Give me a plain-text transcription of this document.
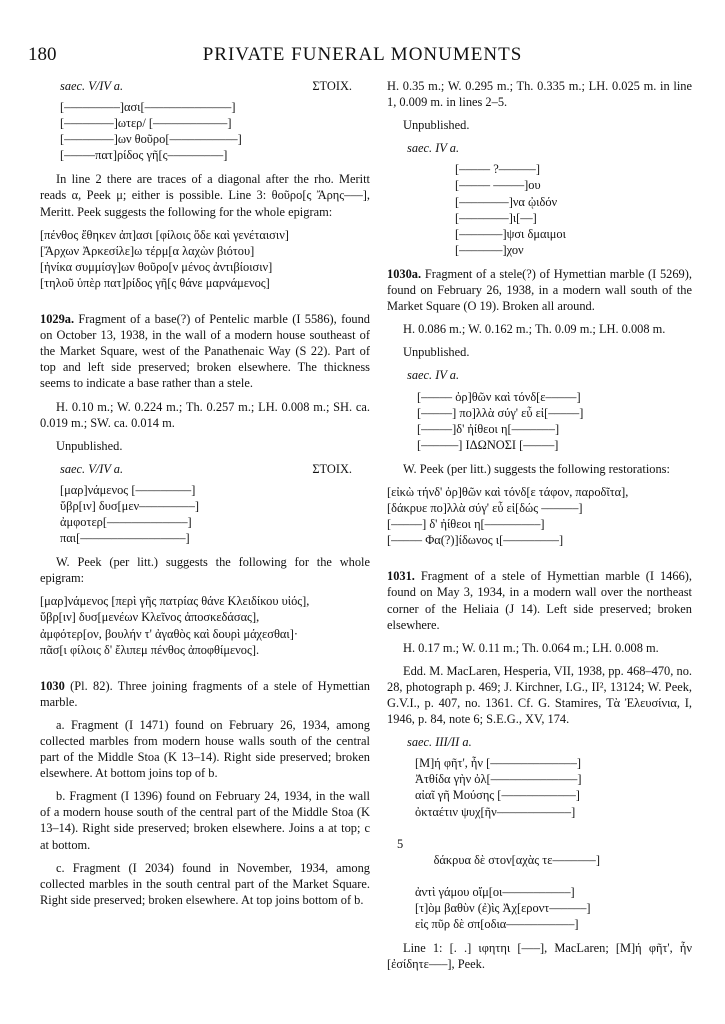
180	PRIVATE FUNERAL MONUMENTS
saec. V/IV a.	ΣΤΟΙΧ.
[–––––––––]ασι[––––––––––––––]
[––––––––]ωτερ/ [––––––––––––]
[––––––––]ων θοῦρο[–––––––––––]
[–––––πατ]ρίδος γῆ[ς–––––––––]

In line 2 there are traces of a diagonal after the rho. Meritt reads α, Peek μ; either is possible. Line 3: θοῦρο[ς Ἄρης–––], Meritt. Peek suggests the following for the whole epigram:

[πένθος ἔθηκεν ἀπ]ασι [φίλοις ὅδε καὶ γενέταισιν]
[Ἄρχων Ἀρκεσίλε]ω τέρμ[α λαχὼν βιότου]
[ἡνίκα συμμίσγ]ων θοῦρο[ν μένος ἀντιβίοισιν]
[τηλοῦ ὑπὲρ πατ]ρίδος γῆ[ς θάνε μαρνάμενος]

1029a. Fragment of a base(?) of Pentelic marble (I 5586), found on October 13, 1938, in the wall of a modern house southeast of the Market Square, west of the Panathenaic Way (S 22). Part of top and left side preserved; broken elsewhere. The thickness seems to indicate a base rather than a stele.

H. 0.10 m.; W. 0.224 m.; Th. 0.257 m.; LH. 0.008 m.; SH. ca. 0.019 m.; SW. ca. 0.014 m.

Unpublished.

saec. V/IV a.	ΣΤΟΙΧ.
[μαρ]νάμενος [–––––––––]
ὕβρ[ιν] δυσ[μεν–––––––––]
ἀμφοτερ[–––––––––––––]
παι[–––––––––––––––––]

W. Peek (per litt.) suggests the following for the whole epigram:

[μαρ]νάμενος [περὶ γῆς πατρίας θάνε Κλειδίκου υἱός],
ὕβρ[ιν] δυσ[μενέων Κλεῖνος ἀποσκεδάσας],
ἀμφότερ[ον, βουλήν τ' ἀγαθὸς καὶ δουρὶ μάχεσθαι]·
πᾶσ[ι φίλοις δ' ἔλιπεμ πένθος ἀποφθίμενος].

1030 (Pl. 82). Three joining fragments of a stele of Hymettian marble.

a. Fragment (I 1471) found on February 26, 1934, among collected marbles from modern house walls south of the central part of the Middle Stoa (K 13–14). Right side preserved; broken elsewhere. At bottom joins top of b.

b. Fragment (I 1396) found on February 24, 1934, in the wall of a modern house south of the central part of the Middle Stoa (K 13–14). Right side preserved; broken elsewhere. Joins a at top; c at bottom.

c. Fragment (I 2034) found in November, 1934, among collected marbles in the south central part of the Market Square. Right side preserved; broken elsewhere. At top joins bottom of b.

H. 0.35 m.; W. 0.295 m.; Th. 0.335 m.; LH. 0.025 m. in line 1, 0.009 m. in lines 2–5.

Unpublished.

saec. IV a.
[––––– ?––––––]
[––––– –––––]ου
[––––––––]να ᾠιδόν
[––––––––]ι[––]
[–––––––]ψσι δμαιμοι
[–––––––]χον

1030a. Fragment of a stele(?) of Hymettian marble (I 5269), found on February 26, 1938, in a modern wall south of the Market Square (O 19). Broken all around.

H. 0.086 m.; W. 0.162 m.; Th. 0.09 m.; LH. 0.008 m.

Unpublished.

saec. IV a.
[––––– ὀρ]θῶν καὶ τόνδ[ε–––––]
[–––––] πο]λλὰ σύγ' εὖ εἰ[–––––]
[–––––]δ' ἠίθεοι η[–––––––]
[––––––] ΙΔΩΝΟΣΙ [–––––]

W. Peek (per litt.) suggests the following restorations:

[εἰκὼ τήνδ' ὀρ]θῶν καὶ τόνδ[ε τάφον, παροδῖτα],
[δάκρυε πο]λλὰ σύγ' εὖ εἰ[δώς ––––––]
[–––––] δ' ἠίθεοι η[–––––––––]
[––––– Φα(?)]ίδωνος ι[–––––––––]

1031. Fragment of a stele of Hymettian marble (I 1466), found on May 3, 1934, in a modern wall over the northeast corner of the Heliaia (J 14). Left side preserved; broken elsewhere.

H. 0.17 m.; W. 0.11 m.; Th. 0.064 m.; LH. 0.008 m.

Edd. M. MacLaren, Hesperia, VII, 1938, pp. 468–470, no. 28, photograph p. 469; J. Kirchner, I.G., II², 13124; W. Peek, G.V.I., p. 407, no. 1361. Cf. G. Stamires, Τὰ Ἐλευσίνια, I, 1946, p. 84, note 6; S.E.G., XV, 174.

saec. III/II a.
[Μ]ή φῆτ', ἦν [––––––––––––––]
Ἀτθίδα γὴν ὀλ[––––––––––––––]
αἰαῖ γῆ Μούσης [––––––––––––]
ὀκταέτιν ψυχ[ῆν––––––––––––]

5

δάκρυα δὲ στον[αχὰς τε–––––––]

ἀντὶ γάμου οἴμ[οι–––––––––––]
[τ]ὸμ βαθὺν (ἐ)ὶς Ἀχ[εροντ––––––]
εἰς πῦρ δὲ σπ[οδια–––––––––––]

Line 1: [. .] ιφητηι [–––], MacLaren; [Μ]ή φῆτ', ἦν [ἐσίδητε–––], Peek.
